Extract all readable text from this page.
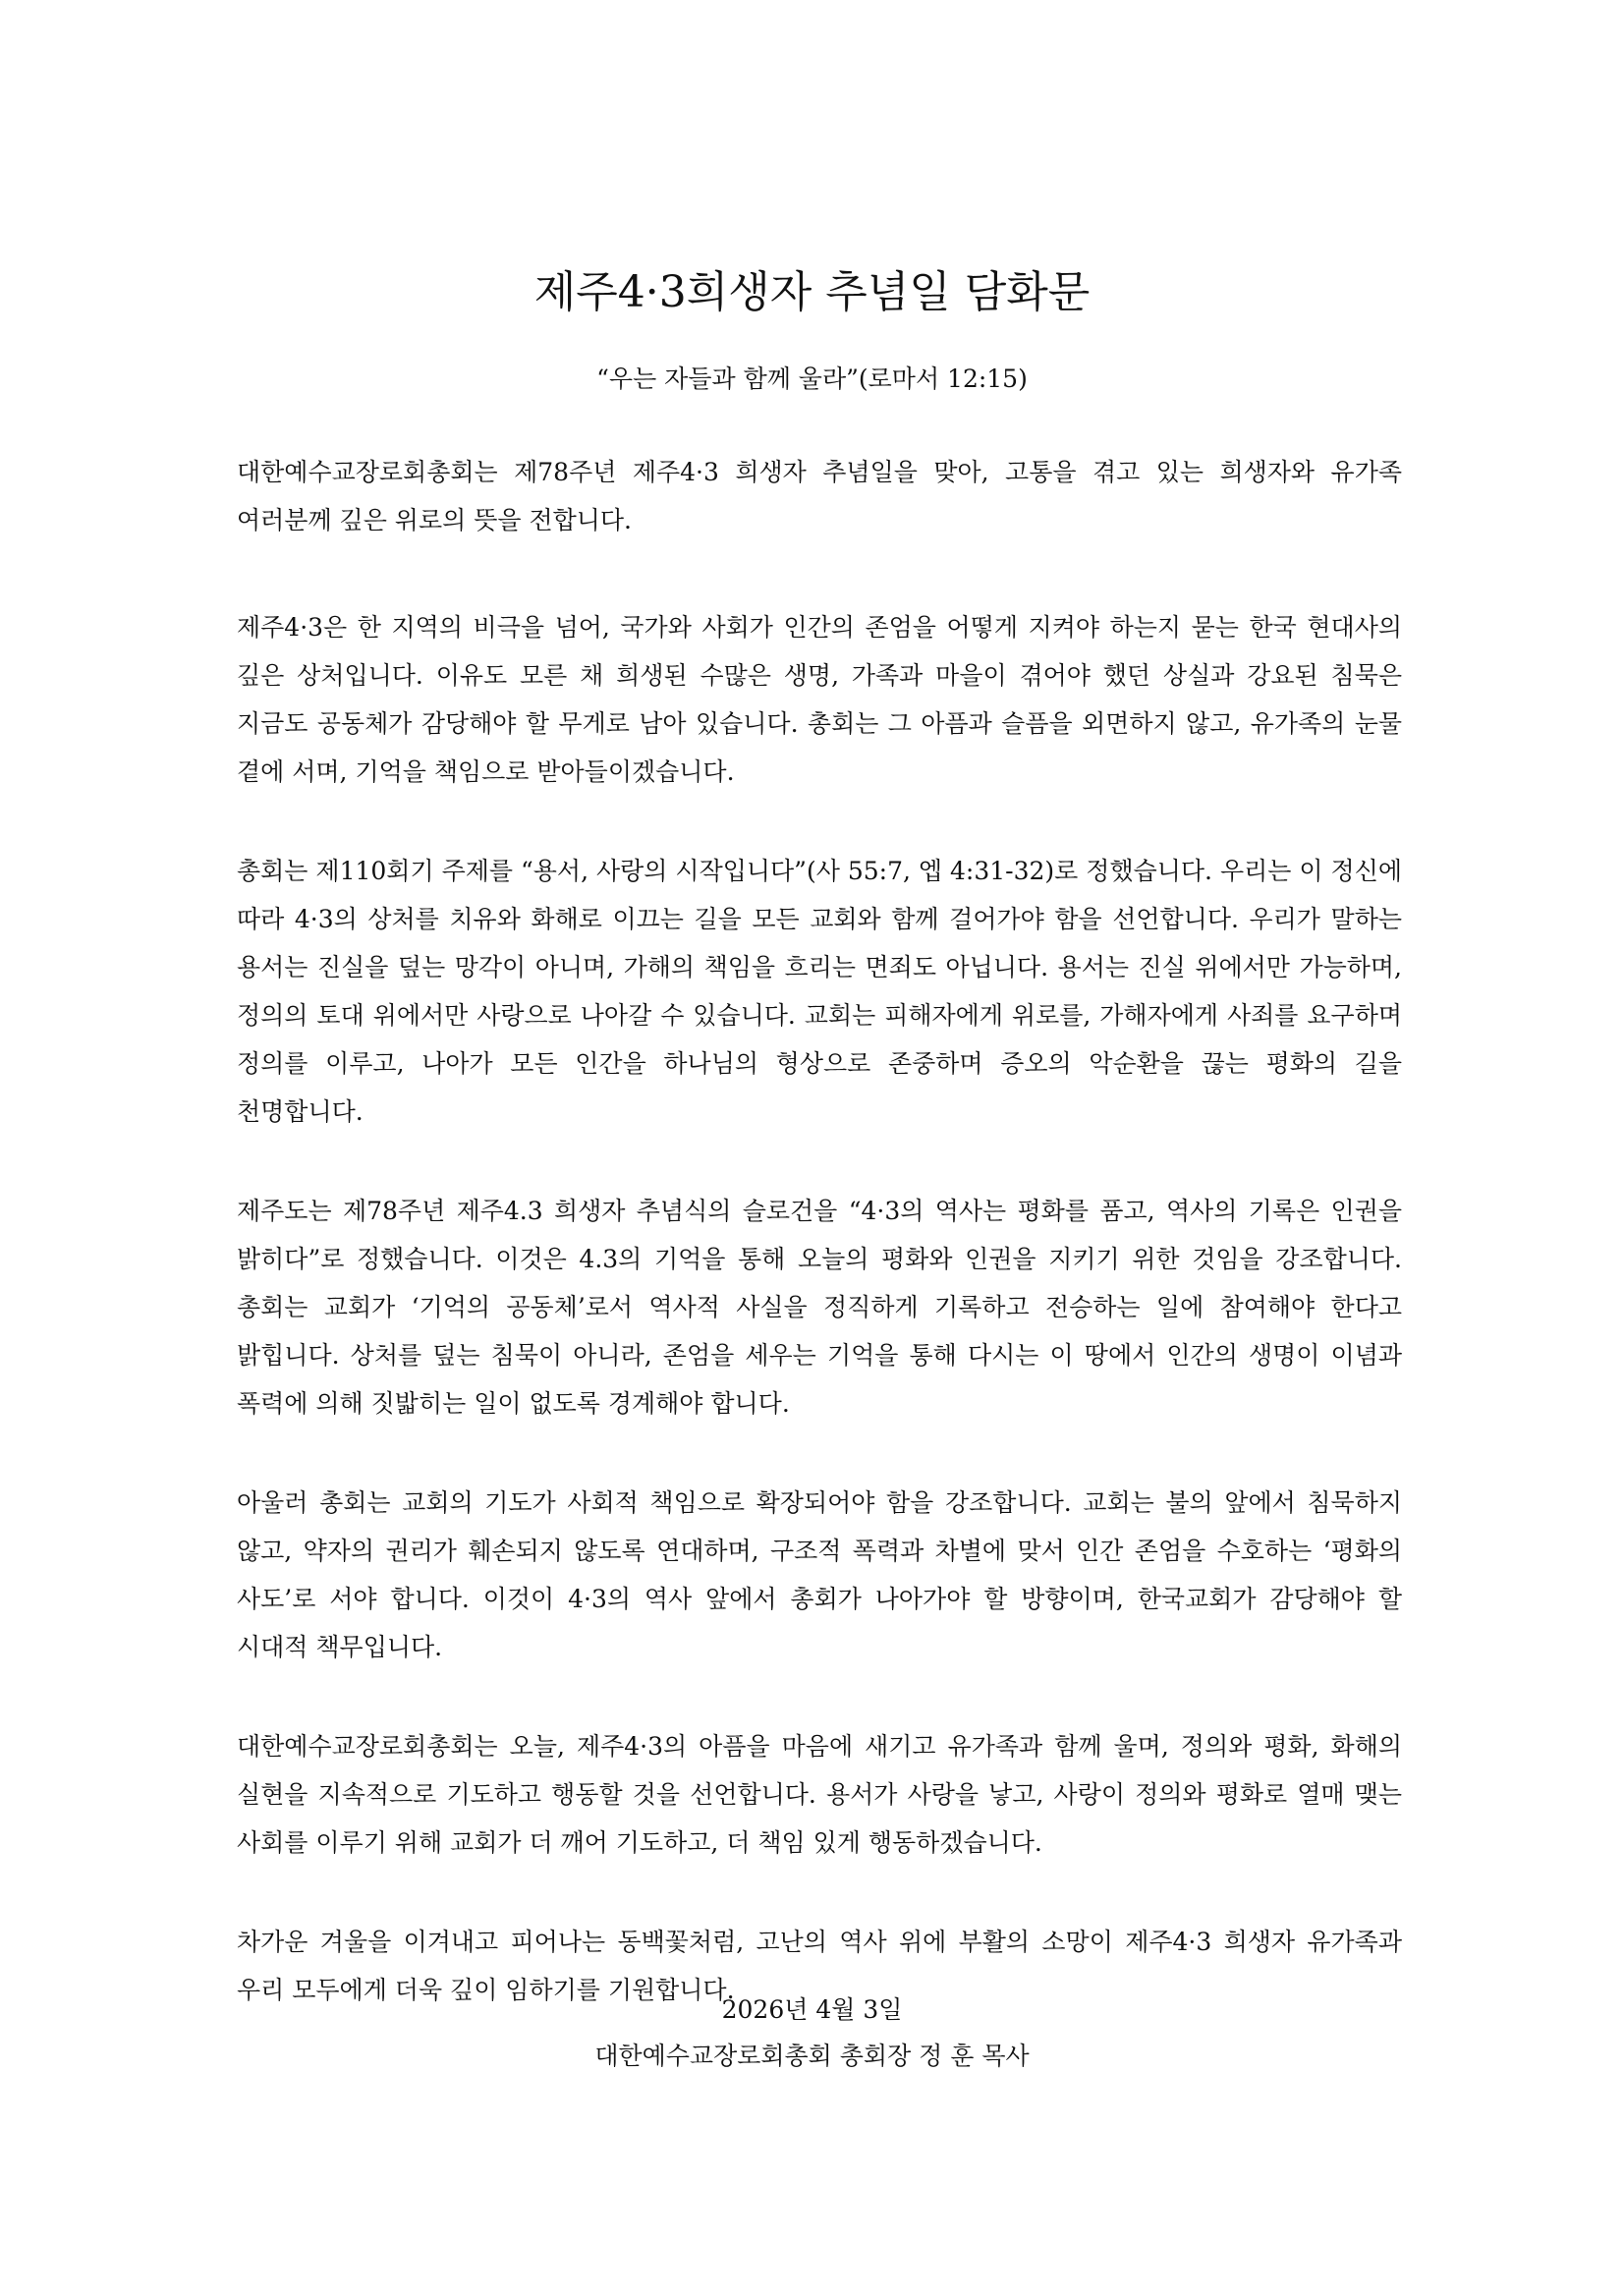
제주4·3희생자 추념일 담화문

“우는 자들과 함께 울라”(로마서 12:15)

대한예수교장로회총회는 제78주년 제주4·3 희생자 추념일을 맞아, 고통을 겪고 있는 희생자와 유가족 여러분께 깊은 위로의 뜻을 전합니다.

제주4·3은 한 지역의 비극을 넘어, 국가와 사회가 인간의 존엄을 어떻게 지켜야 하는지 묻는 한국 현대사의 깊은 상처입니다. 이유도 모른 채 희생된 수많은 생명, 가족과 마을이 겪어야 했던 상실과 강요된 침묵은 지금도 공동체가 감당해야 할 무게로 남아 있습니다. 총회는 그 아픔과 슬픔을 외면하지 않고, 유가족의 눈물 곁에 서며, 기억을 책임으로 받아들이겠습니다.

총회는 제110회기 주제를 “용서, 사랑의 시작입니다”(사 55:7, 엡 4:31-32)로 정했습니다. 우리는 이 정신에 따라 4·3의 상처를 치유와 화해로 이끄는 길을 모든 교회와 함께 걸어가야 함을 선언합니다. 우리가 말하는 용서는 진실을 덮는 망각이 아니며, 가해의 책임을 흐리는 면죄도 아닙니다. 용서는 진실 위에서만 가능하며, 정의의 토대 위에서만 사랑으로 나아갈 수 있습니다. 교회는 피해자에게 위로를, 가해자에게 사죄를 요구하며 정의를 이루고, 나아가 모든 인간을 하나님의 형상으로 존중하며 증오의 악순환을 끊는 평화의 길을 천명합니다.

제주도는 제78주년 제주4.3 희생자 추념식의 슬로건을 “4·3의 역사는 평화를 품고, 역사의 기록은 인권을 밝히다”로 정했습니다. 이것은 4.3의 기억을 통해 오늘의 평화와 인권을 지키기 위한 것임을 강조합니다. 총회는 교회가 ‘기억의 공동체’로서 역사적 사실을 정직하게 기록하고 전승하는 일에 참여해야 한다고 밝힙니다. 상처를 덮는 침묵이 아니라, 존엄을 세우는 기억을 통해 다시는 이 땅에서 인간의 생명이 이념과 폭력에 의해 짓밟히는 일이 없도록 경계해야 합니다.

아울러 총회는 교회의 기도가 사회적 책임으로 확장되어야 함을 강조합니다. 교회는 불의 앞에서 침묵하지 않고, 약자의 권리가 훼손되지 않도록 연대하며, 구조적 폭력과 차별에 맞서 인간 존엄을 수호하는 ‘평화의 사도’로 서야 합니다. 이것이 4·3의 역사 앞에서 총회가 나아가야 할 방향이며, 한국교회가 감당해야 할 시대적 책무입니다.

대한예수교장로회총회는 오늘, 제주4·3의 아픔을 마음에 새기고 유가족과 함께 울며, 정의와 평화, 화해의 실현을 지속적으로 기도하고 행동할 것을 선언합니다. 용서가 사랑을 낳고, 사랑이 정의와 평화로 열매 맺는 사회를 이루기 위해 교회가 더 깨어 기도하고, 더 책임 있게 행동하겠습니다.

차가운 겨울을 이겨내고 피어나는 동백꽃처럼, 고난의 역사 위에 부활의 소망이 제주4·3 희생자 유가족과 우리 모두에게 더욱 깊이 임하기를 기원합니다.

2026년 4월 3일
대한예수교장로회총회 총회장 정 훈 목사
